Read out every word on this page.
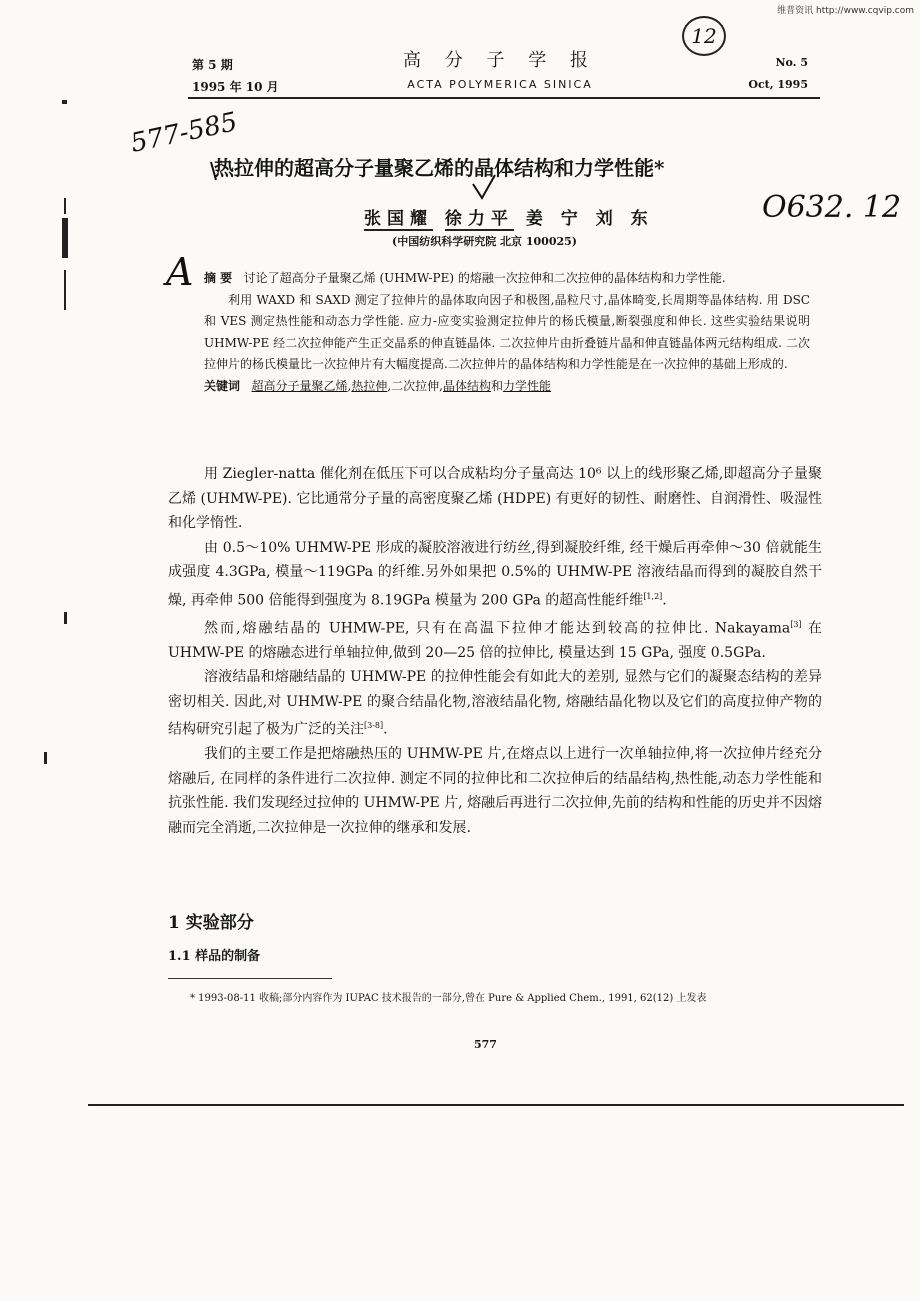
维普资讯 http://www.cqvip.com
第 5 期
1995 年 10 月
高 分 子 学 报
ACTA POLYMERICA SINICA
No. 5
Oct, 1995
12
577-585
O632. 12
A
热拉伸的超高分子量聚乙烯的晶体结构和力学性能*
张国耀 徐力平 姜 宁 刘 东
(中国纺织科学研究院 北京 100025)

摘 要 讨论了超高分子量聚乙烯 (UHMW-PE) 的熔融一次拉伸和二次拉伸的晶体结构和力学性能.

利用 WAXD 和 SAXD 测定了拉伸片的晶体取向因子和极图,晶粒尺寸,晶体畸变,长周期等晶体结构. 用 DSC 和 VES 测定热性能和动态力学性能. 应力-应变实验测定拉伸片的杨氏模量,断裂强度和伸长. 这些实验结果说明 UHMW-PE 经二次拉伸能产生正交晶系的伸直链晶体. 二次拉伸片由折叠链片晶和伸直链晶体两元结构组成. 二次拉伸片的杨氏模量比一次拉伸片有大幅度提高.二次拉伸片的晶体结构和力学性能是在一次拉伸的基础上形成的.

关键词 超高分子量聚乙烯,热拉伸,二次拉伸,晶体结构和力学性能

用 Ziegler-natta 催化剂在低压下可以合成粘均分子量高达 10⁶ 以上的线形聚乙烯,即超高分子量聚乙烯 (UHMW-PE). 它比通常分子量的高密度聚乙烯 (HDPE) 有更好的韧性、耐磨性、自润滑性、吸湿性和化学惰性.

由 0.5～10% UHMW-PE 形成的凝胶溶液进行纺丝,得到凝胶纤维, 经干燥后再牵伸～30 倍就能生成强度 4.3GPa, 模量～119GPa 的纤维.另外如果把 0.5%的 UHMW-PE 溶液结晶而得到的凝胶自然干燥, 再牵伸 500 倍能得到强度为 8.19GPa 模量为 200 GPa 的超高性能纤维[1,2].

然而,熔融结晶的 UHMW-PE, 只有在高温下拉伸才能达到较高的拉伸比. Nakayama[3] 在 UHMW-PE 的熔融态进行单轴拉伸,做到 20—25 倍的拉伸比, 模量达到 15 GPa, 强度 0.5GPa.

溶液结晶和熔融结晶的 UHMW-PE 的拉伸性能会有如此大的差别, 显然与它们的凝聚态结构的差异密切相关. 因此,对 UHMW-PE 的聚合结晶化物,溶液结晶化物, 熔融结晶化物以及它们的高度拉伸产物的结构研究引起了极为广泛的关注[3-8].

我们的主要工作是把熔融热压的 UHMW-PE 片,在熔点以上进行一次单轴拉伸,将一次拉伸片经充分熔融后, 在同样的条件进行二次拉伸. 测定不同的拉伸比和二次拉伸后的结晶结构,热性能,动态力学性能和抗张性能. 我们发现经过拉伸的 UHMW-PE 片, 熔融后再进行二次拉伸,先前的结构和性能的历史并不因熔融而完全消逝,二次拉伸是一次拉伸的继承和发展.

1 实验部分
1.1 样品的制备
* 1993-08-11 收稿;部分内容作为 IUPAC 技术报告的一部分,曾在 Pure & Applied Chem., 1991, 62(12) 上发表
577
